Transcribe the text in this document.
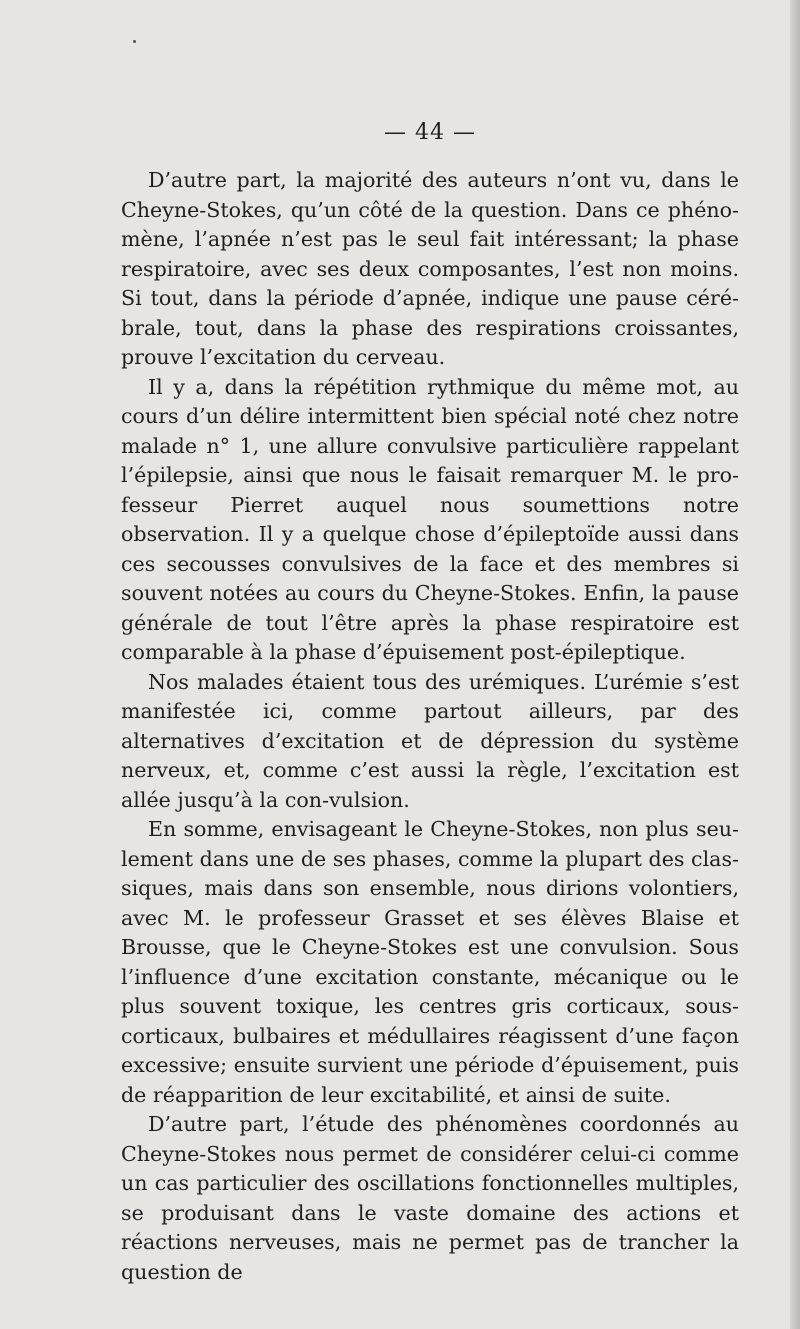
— 44 —

D’autre part, la majorité des auteurs n’ont vu, dans le Cheyne-Stokes, qu’un côté de la question. Dans ce phéno-mène, l’apnée n’est pas le seul fait intéressant; la phase respiratoire, avec ses deux composantes, l’est non moins. Si tout, dans la période d’apnée, indique une pause céré-brale, tout, dans la phase des respirations croissantes, prouve l’excitation du cerveau.

Il y a, dans la répétition rythmique du même mot, au cours d’un délire intermittent bien spécial noté chez notre malade n° 1, une allure convulsive particulière rappelant l’épilepsie, ainsi que nous le faisait remarquer M. le pro-fesseur Pierret auquel nous soumettions notre observation. Il y a quelque chose d’épileptoïde aussi dans ces secousses convulsives de la face et des membres si souvent notées au cours du Cheyne-Stokes. Enfin, la pause générale de tout l’être après la phase respiratoire est comparable à la phase d’épuisement post-épileptique.

Nos malades étaient tous des urémiques. L’urémie s’est manifestée ici, comme partout ailleurs, par des alternatives d’excitation et de dépression du système nerveux, et, comme c’est aussi la règle, l’excitation est allée jusqu’à la con-vulsion.

En somme, envisageant le Cheyne-Stokes, non plus seu-lement dans une de ses phases, comme la plupart des clas-siques, mais dans son ensemble, nous dirions volontiers, avec M. le professeur Grasset et ses élèves Blaise et Brousse, que le Cheyne-Stokes est une convulsion. Sous l’influence d’une excitation constante, mécanique ou le plus souvent toxique, les centres gris corticaux, sous-corticaux, bulbaires et médullaires réagissent d’une façon excessive; ensuite survient une période d’épuisement, puis de réapparition de leur excitabilité, et ainsi de suite.

D’autre part, l’étude des phénomènes coordonnés au Cheyne-Stokes nous permet de considérer celui-ci comme un cas particulier des oscillations fonctionnelles multiples, se produisant dans le vaste domaine des actions et réactions nerveuses, mais ne permet pas de trancher la question de
